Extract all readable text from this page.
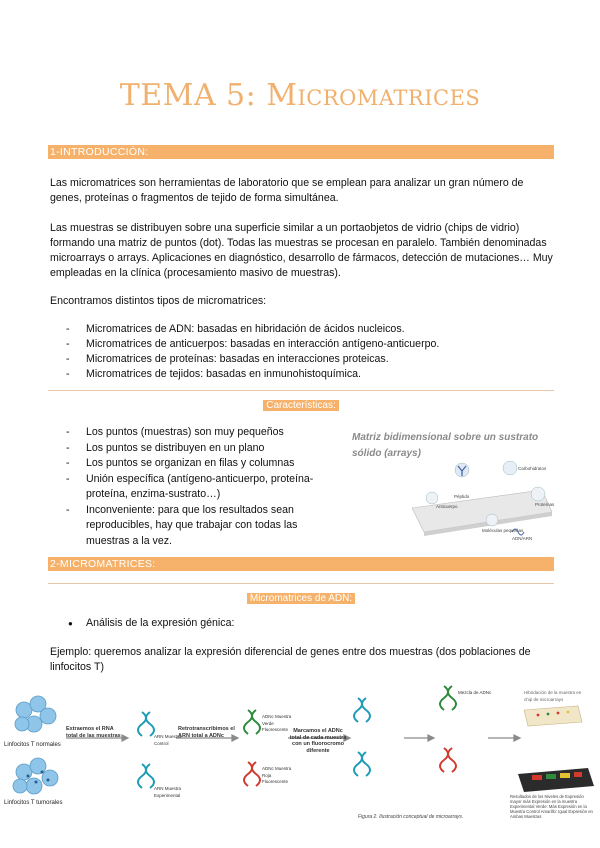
TEMA 5: Micromatrices
1-INTRODUCCIÓN:
Las micromatrices son herramientas de laboratorio que se emplean para analizar un gran número de genes, proteínas o fragmentos de tejido de forma simultánea.
Las muestras se distribuyen sobre una superficie similar a un portaobjetos de vidrio (chips de vidrio) formando una matriz de puntos (dot). Todas las muestras se procesan en paralelo. También denominadas microarrays o arrays. Aplicaciones en diagnóstico, desarrollo de fármacos, detección de mutaciones… Muy empleadas en la clínica (procesamiento masivo de muestras).
Encontramos distintos tipos de micromatrices:
- Micromatrices de ADN: basadas en hibridación de ácidos nucleicos.
- Micromatrices de anticuerpos: basadas en interacción antígeno-anticuerpo.
- Micromatrices de proteínas: basadas en interacciones proteicas.
- Micromatrices de tejidos: basadas en inmunohistoquímica.
Características:
- Los puntos (muestras) son muy pequeños
- Los puntos se distribuyen en un plano
- Los puntos se organizan en filas y columnas
- Unión específica (antígeno-anticuerpo, proteína-proteína, enzima-sustrato…)
- Inconveniente: para que los resultados sean reproducibles, hay que trabajar con todas las muestras a la vez.
Matriz bidimensional sobre un sustrato sólido (arrays)
Anticuerpo
Péptido
Carbohidratos
Moléculas pequeñas
Proteínas
ADN/ARN
2-MICROMATRICES:
Micromatrices de ADN:
● Análisis de la expresión génica:
Ejemplo: queremos analizar la expresión diferencial de genes entre dos muestras (dos poblaciones de linfocitos T)
Linfocitos T normales
Linfocitos T tumorales
Extraemos el RNA total de las muestras
Retrotranscribimos el ARN total a ADNc
Marcamos el ADNc total de cada muestra con un fluorocromo diferente
ARN Muestra Control
ARN Muestra Experimental
ADNc Muestra Verde Fluorescente
ADNc Muestra Roja Fluorescente
Mezcla de ADNc	Hibridación de la muestra en chip de microarrays
Resultados de los Niveles de Expresión mayor más Expresión en la muestra Experimental Verde: Más Expresión en la Muestra Control Amarillo: Igual Expresión en Ambas Muestras
Figura 2. Ilustración conceptual de microarrays.
